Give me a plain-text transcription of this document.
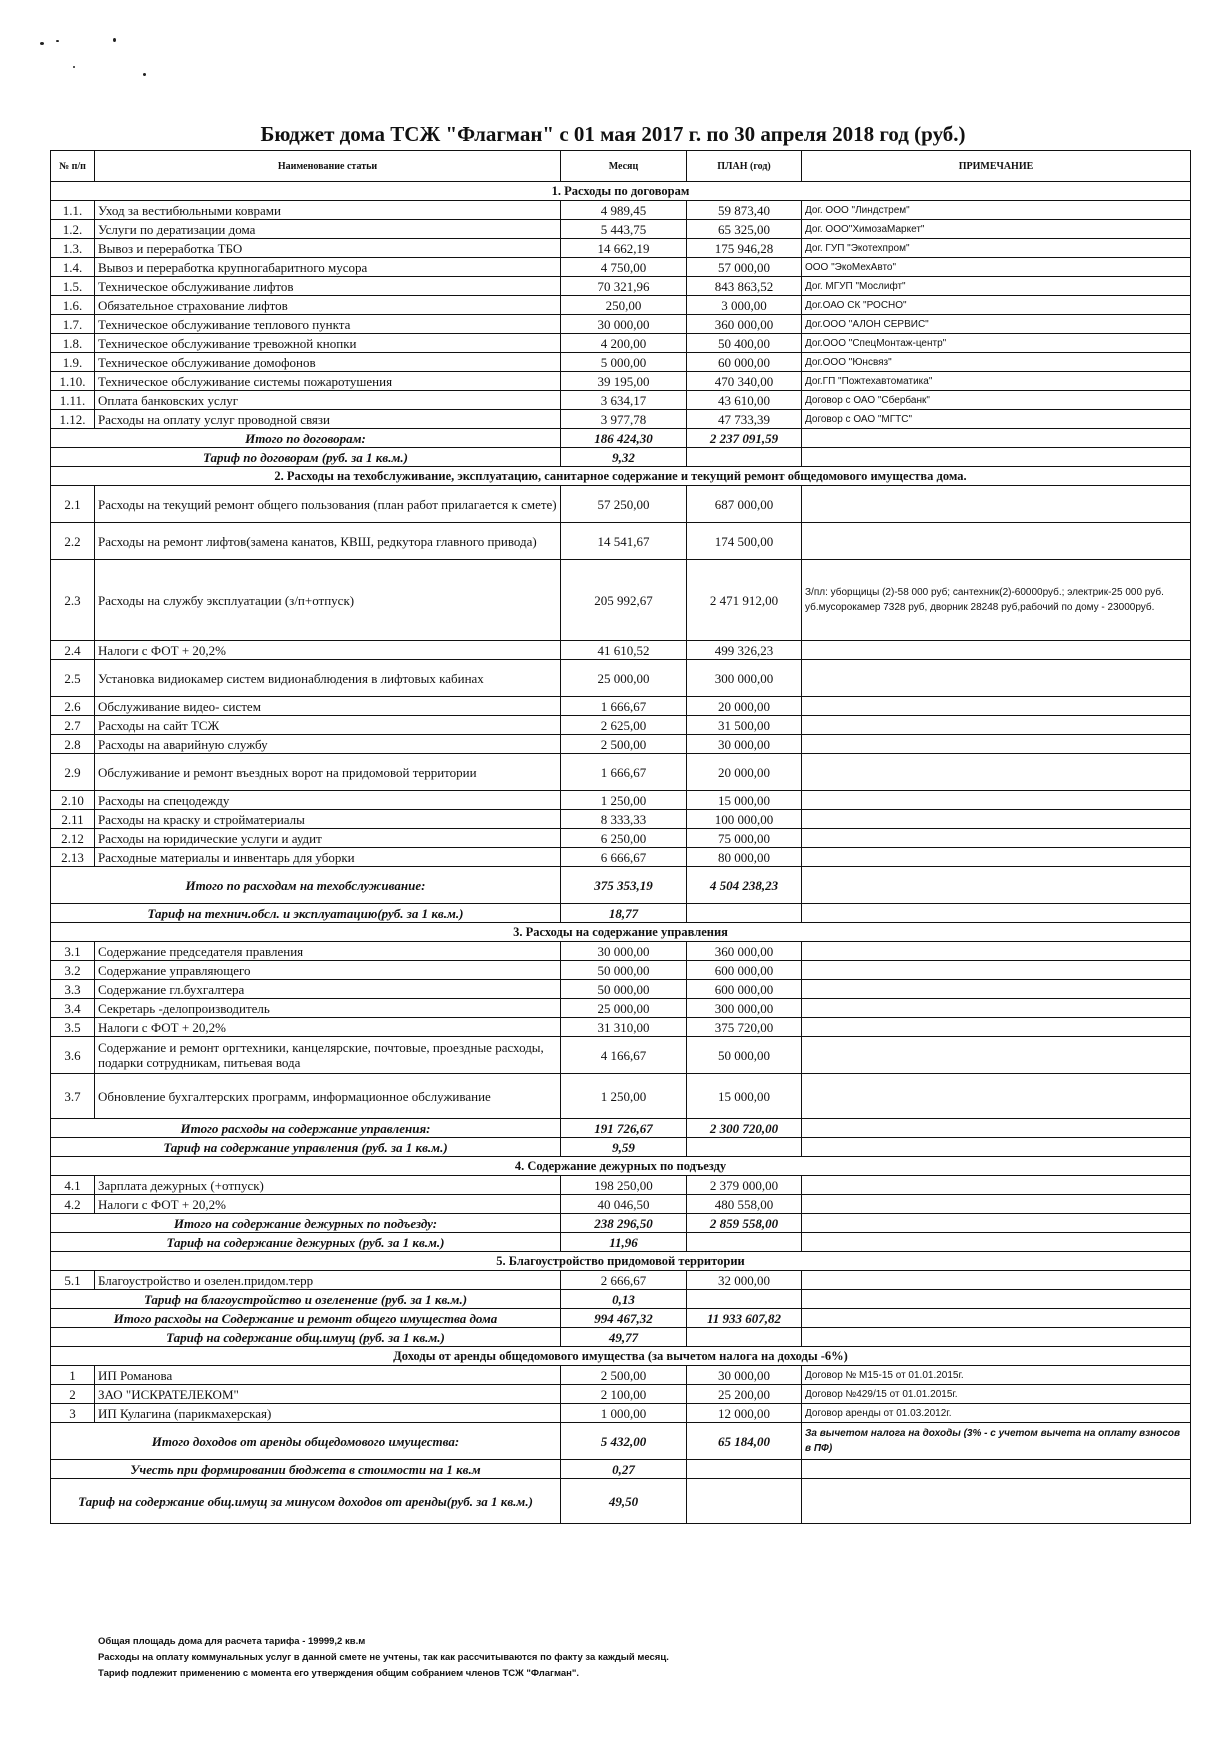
Бюджет дома ТСЖ "Флагман" с 01 мая 2017 г. по 30 апреля 2018 год (руб.)
№ п/п	Наименование статьи	Месяц	ПЛАН (год)	ПРИМЕЧАНИЕ
1. Расходы по договорам				
1.1.	Уход за вестибюльными коврами	4 989,45	59 873,40	Дог. ООО "Линдстрем"
1.2.	Услуги по дератизации дома	5 443,75	65 325,00	Дог. ООО"ХимозаМаркет"
1.3.	Вывоз и переработка ТБО	14 662,19	175 946,28	Дог. ГУП "Экотехпром"
1.4.	Вывоз и переработка крупногабаритного мусора	4 750,00	57 000,00	ООО "ЭкоМехАвто"
1.5.	Техническое обслуживание лифтов	70 321,96	843 863,52	Дог. МГУП "Мослифт"
1.6.	Обязательное страхование лифтов	250,00	3 000,00	Дог.ОАО СК "РОСНО"
1.7.	Техническое обслуживание теплового пункта	30 000,00	360 000,00	Дог.ООО "АЛОН СЕРВИС"
1.8.	Техническое обслуживание тревожной кнопки	4 200,00	50 400,00	Дог.ООО "СпецМонтаж-центр"
1.9.	Техническое обслуживание домофонов	5 000,00	60 000,00	Дог.ООО "Юнсвяз"
1.10.	Техническое обслуживание системы пожаротушения	39 195,00	470 340,00	Дог.ГП "Пожтехавтоматика"
1.11.	Оплата банковских услуг	3 634,17	43 610,00	Договор с ОАО "Сбербанк"
1.12.	Расходы на оплату услуг проводной связи	3 977,78	47 733,39	Договор с ОАО "МГТС"
Итого по договорам:		186 424,30	2 237 091,59	
Тариф по договорам (руб. за 1 кв.м.)		9,32		
2. Расходы на техобслуживание, эксплуатацию, санитарное содержание и текущий ремонт общедомового имущества дома.				
2.1	Расходы на текущий ремонт общего пользования (план работ прилагается к смете)	57 250,00	687 000,00	
2.2	Расходы на ремонт лифтов(замена канатов, КВШ, редкутора главного привода)	14 541,67	174 500,00	
2.3	Расходы на службу эксплуатации (з/п+отпуск)	205 992,67	2 471 912,00	З/пл: уборщицы (2)-58 000 руб; сантехник(2)-60000руб.; электрик-25 000 руб. уб.мусорокамер 7328 руб, дворник 28248 руб,рабочий по дому - 23000руб.
2.4	Налоги с ФОТ + 20,2%	41 610,52	499 326,23	
2.5	Установка видиокамер систем видионаблюдения в лифтовых кабинах	25 000,00	300 000,00	
2.6	Обслуживание видео- систем	1 666,67	20 000,00	
2.7	Расходы на сайт ТСЖ	2 625,00	31 500,00	
2.8	Расходы на аварийную службу	2 500,00	30 000,00	
2.9	Обслуживание и ремонт въездных ворот на придомовой территории	1 666,67	20 000,00	
2.10	Расходы на спецодежду	1 250,00	15 000,00	
2.11	Расходы на краску и стройматериалы	8 333,33	100 000,00	
2.12	Расходы на юридические услуги и аудит	6 250,00	75 000,00	
2.13	Расходные материалы и инвентарь для уборки	6 666,67	80 000,00	
Итого по расходам на техобслуживание:		375 353,19	4 504 238,23	
Тариф на технич.обсл. и эксплуатацию(руб. за 1 кв.м.)		18,77		
3. Расходы на содержание управления				
3.1	Содержание председателя правления	30 000,00	360 000,00	
3.2	Содержание управляющего	50 000,00	600 000,00	
3.3	Содержание гл.бухгалтера	50 000,00	600 000,00	
3.4	Секретарь -делопроизводитель	25 000,00	300 000,00	
3.5	Налоги с ФОТ + 20,2%	31 310,00	375 720,00	
3.6	Содержание и ремонт оргтехники, канцелярские, почтовые, проездные расходы, подарки сотрудникам, питьевая вода	4 166,67	50 000,00	
3.7	Обновление бухгалтерских программ, информационное обслуживание	1 250,00	15 000,00	
Итого расходы на содержание управления:		191 726,67	2 300 720,00	
Тариф на содержание управления (руб. за 1 кв.м.)		9,59		
4. Содержание дежурных по подъезду				
4.1	Зарплата дежурных (+отпуск)	198 250,00	2 379 000,00	
4.2	Налоги с ФОТ + 20,2%	40 046,50	480 558,00	
Итого на содержание дежурных по подъезду:		238 296,50	2 859 558,00	
Тариф на содержание дежурных (руб. за 1 кв.м.)		11,96		
5. Благоустройство придомовой территории				
5.1	Благоустройство и озелен.придом.терр	2 666,67	32 000,00	
Тариф на благоустройство и озеленение (руб. за 1 кв.м.)		0,13		
Итого расходы на Содержание и ремонт общего имущества дома		994 467,32	11 933 607,82	
Тариф на содержание общ.имущ (руб. за 1 кв.м.)		49,77		
Доходы от аренды общедомового имущества (за вычетом налога на доходы -6%)				
1	ИП Романова	2 500,00	30 000,00	Договор № М15-15 от 01.01.2015г.
2	ЗАО "ИСКРАТЕЛЕКОМ"	2 100,00	25 200,00	Договор №429/15 от 01.01.2015г.
3	ИП Кулагина (парикмахерская)	1 000,00	12 000,00	Договор аренды от 01.03.2012г.
Итого доходов от аренды общедомового имущества:		5 432,00	65 184,00	За вычетом налога на доходы (3% - с учетом вычета на оплату взносов в ПФ)
Учесть при формировании бюджета в стоимости на 1 кв.м		0,27		
Тариф на содержание общ.имущ за минусом доходов от аренды(руб. за 1 кв.м.)		49,50		
Общая площадь дома для расчета тарифа - 19999,2 кв.м
Расходы на оплату коммунальных услуг в данной смете не учтены, так как рассчитываются по факту за каждый месяц.
Тариф подлежит применению с момента его утверждения общим собранием членов ТСЖ "Флагман".
